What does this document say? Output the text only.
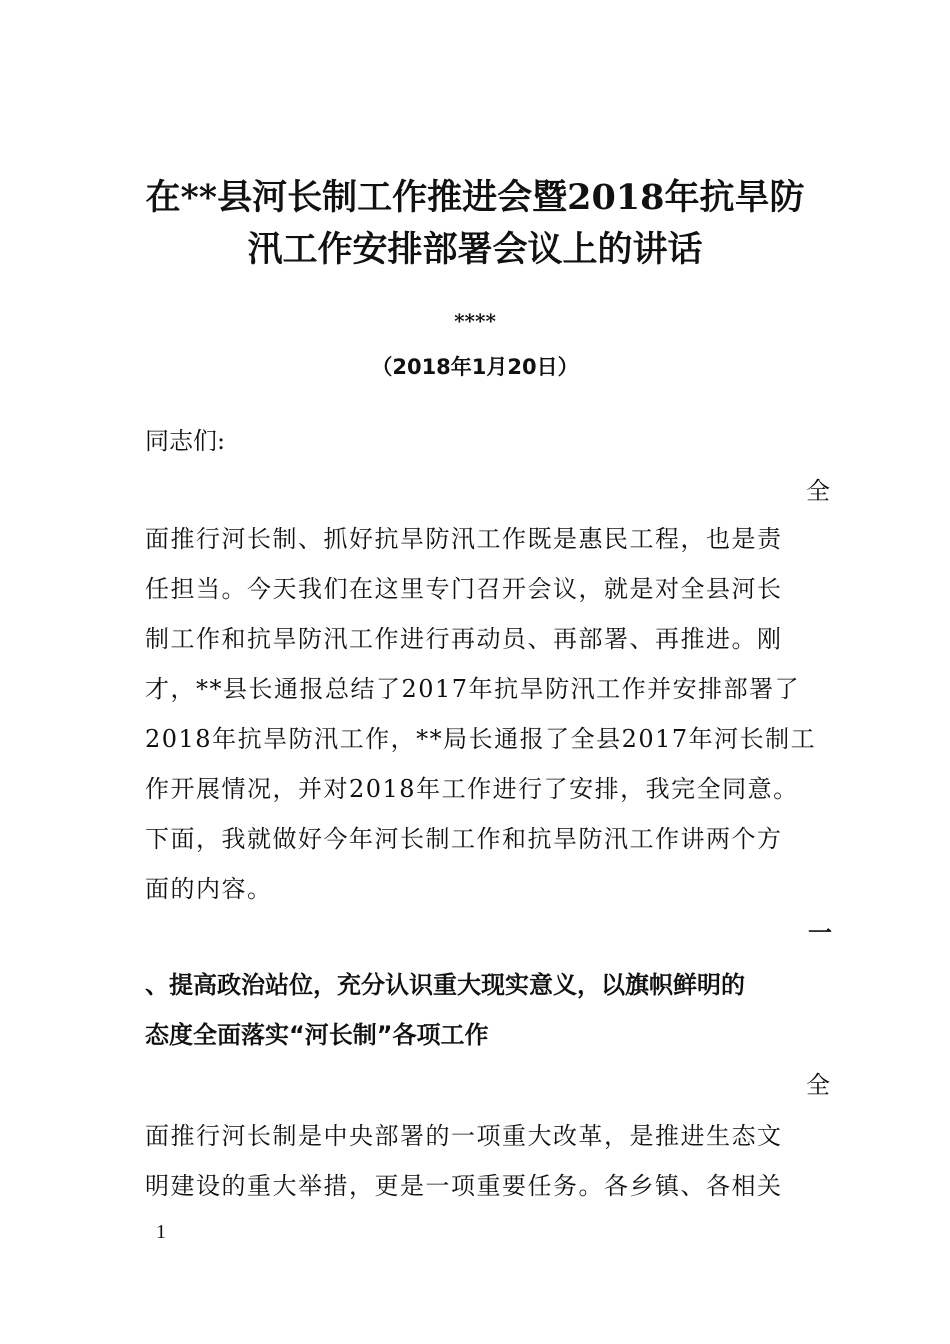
在**县河长制工作推进会暨2018年抗旱防
汛工作安排部署会议上的讲话
****
（2018年1月20日）
同志们:
全
面推行河长制、抓好抗旱防汛工作既是惠民工程，也是责
任担当。今天我们在这里专门召开会议，就是对全县河长
制工作和抗旱防汛工作进行再动员、再部署、再推进。刚
才，**县长通报总结了2017年抗旱防汛工作并安排部署了
2018年抗旱防汛工作，**局长通报了全县2017年河长制工
作开展情况，并对2018年工作进行了安排，我完全同意。
下面，我就做好今年河长制工作和抗旱防汛工作讲两个方
面的内容。
一
、提高政治站位，充分认识重大现实意义，以旗帜鲜明的
态度全面落实“河长制”各项工作
全
面推行河长制是中央部署的一项重大改革，是推进生态文
明建设的重大举措，更是一项重要任务。各乡镇、各相关
1
